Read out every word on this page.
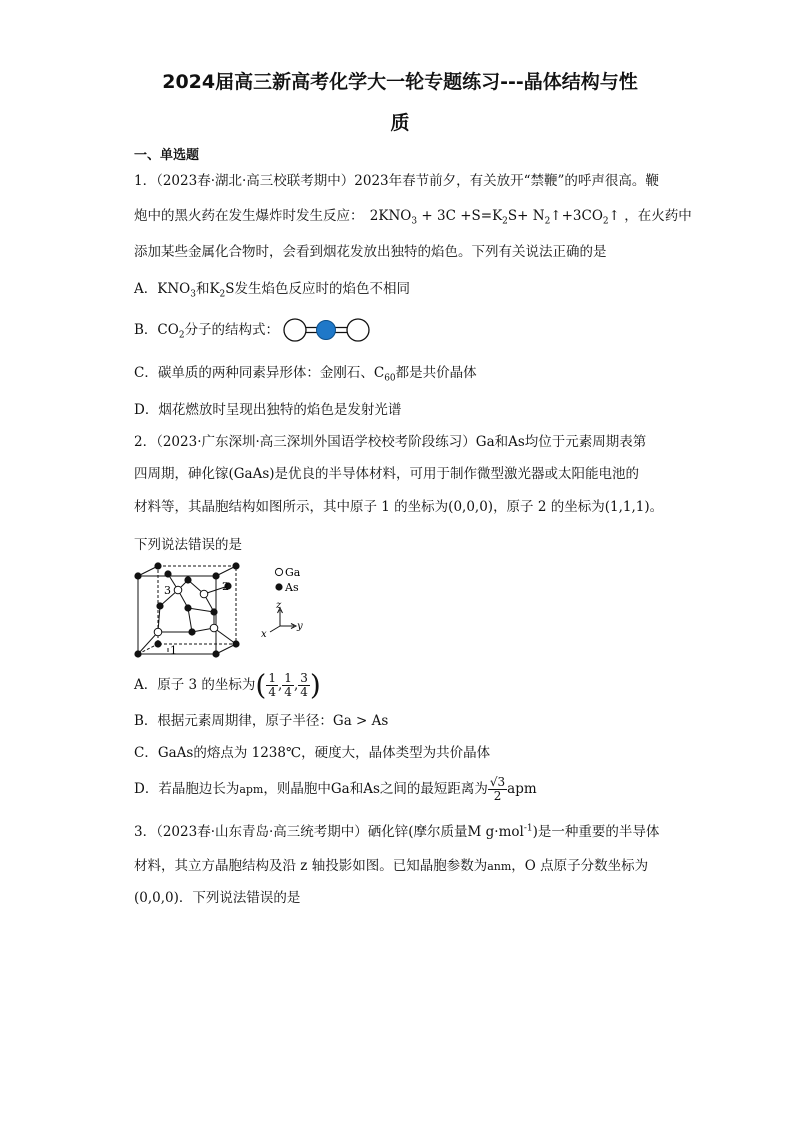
2024届高三新高考化学大一轮专题练习---晶体结构与性
质
一、单选题
1．（2023春·湖北·高三校联考期中）2023年春节前夕，有关放开“禁鞭”的呼声很高。鞭
炮中的黑火药在发生爆炸时发生反应： $2KNO_3 + 3C +S=K_2S+$ $N_2↑+3CO_2↑$ ，在火药中
添加某些金属化合物时，会看到烟花发放出独特的焰色。下列有关说法正确的是
A．$KNO_3$和$K_2S$发生焰色反应时的焰色不相同
B．$CO_2$分子的结构式：
C．碳单质的两种同素异形体：金刚石、$C_{60}$都是共价晶体
D．烟花燃放时呈现出独特的焰色是发射光谱
2．（2023·广东深圳·高三深圳外国语学校校考阶段练习）Ga和As均位于元素周期表第
四周期，砷化镓(GaAs)是优良的半导体材料，可用于制作微型激光器或太阳能电池的
材料等，其晶胞结构如图所示，其中原子 1 的坐标为(0,0,0)，原子 2 的坐标为(1,1,1)。
下列说法错误的是
3	2
1
Ga
As
z
y
x
A．原子 3 的坐标为( $\frac{1}{4}$ , $\frac{1}{4}$ , $\frac{3}{4}$ )
B．根据元素周期律，原子半径：Ga > As
C．GaAs的熔点为 1238℃，硬度大，晶体类型为共价晶体
D．若晶胞边长为apm，则晶胞中Ga和As之间的最短距离为 $\frac{√3}{2}$ apm
3．（2023春·山东青岛·高三统考期中）硒化锌(摩尔质量M g·mol$^{-1}$)是一种重要的半导体
材料，其立方晶胞结构及沿 z 轴投影如图。已知晶胞参数为anm，O 点原子分数坐标为
(0,0,0)．下列说法错误的是
